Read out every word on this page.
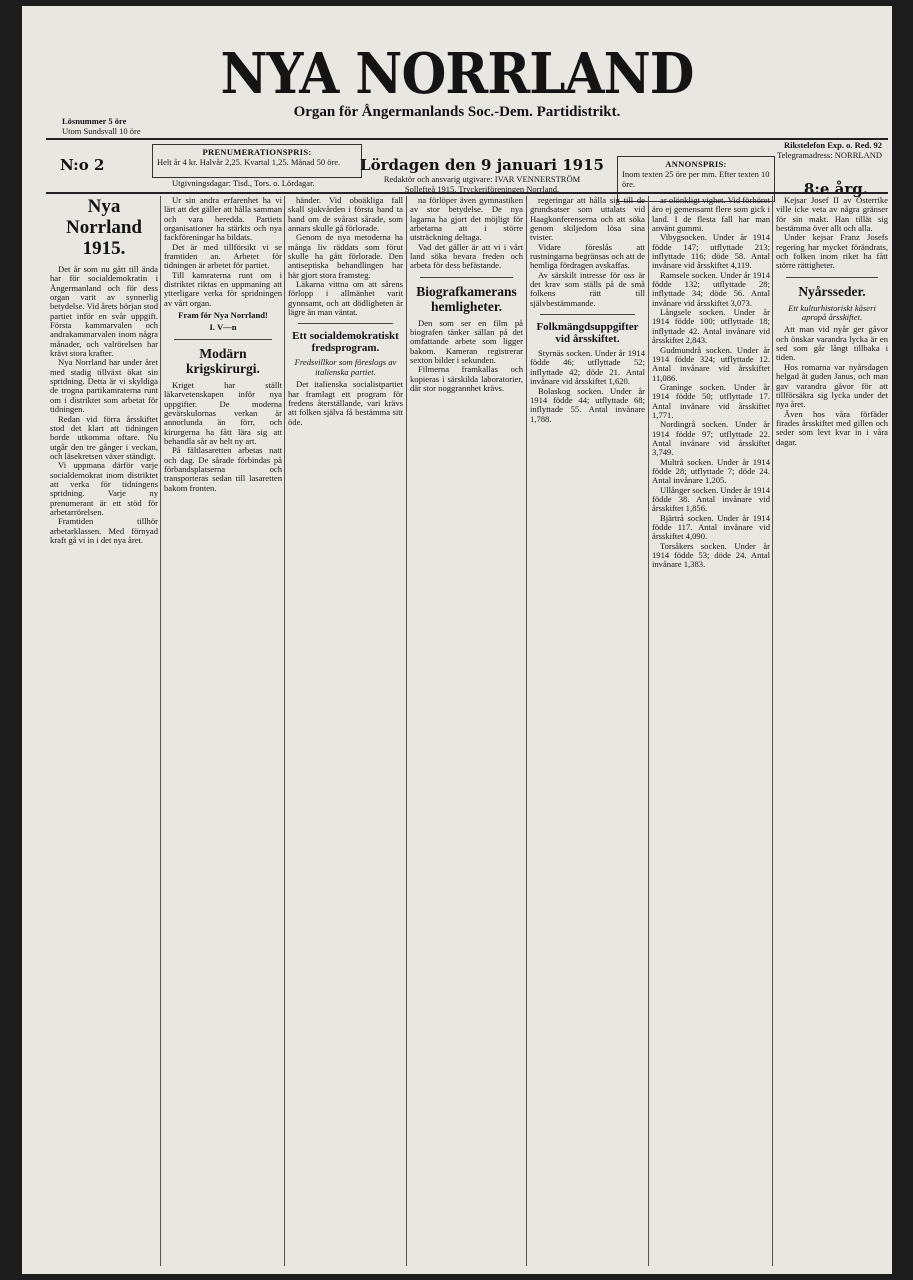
Lösnummer 5 öre
Utom Sundsvall 10 öre
NYA NORRLAND
Organ för Ångermanlands Soc.-Dem. Partidistrikt.
Rikstelefon Exp. o. Red. 92
Telegramadress: NORRLAND
N:o 2
PRENUMERATIONSPRIS:
Helt år 4 kr. Halvår 2,25. Kvartal 1,25. Månad 50 öre.
Utgivningsdagar: Tisd., Tors. o. Lördagar.
Lördagen den 9 januari 1915
Redaktör och ansvarig utgivare: IVAR VENNERSTRÖM
Sollefteå 1915. Tryckeriföreningen Norrland.
ANNONSPRIS:
Inom texten 25 öre per mm. Efter texten 10 öre.	8:e årg.
Nya Norrland 1915.

Det år som nu gått till ända har för socialdemokratin i Ångermanland och för dess organ varit av synnerlig betydelse. Vid årets början stod partiet inför en svår uppgift. Första kammarvalen och andrakammarvalen inom några månader, och valrörelsen har krävt stora krafter.

Nya Norrland har under året med stadig tillväxt ökat sin spridning. Detta är vi skyldiga de trogna partikamraterna runt om i distriktet som arbetat för tidningen.

Redan vid förra årsskiftet stod det klart att tidningen borde utkomma oftare. Nu utgår den tre gånger i veckan, och läsekretsen växer ständigt.

Vi uppmana därför varje socialdemokrat inom distriktet att verka för tidningens spridning. Varje ny prenumerant är ett stöd för arbetarrörelsen.

Framtiden tillhör arbetarklassen. Med förnyad kraft gå vi in i det nya året.

Ur sin andra erfarenhet ha vi lärt att det gäller att hålla samman och vara beredda. Partiets organisationer ha stärkts och nya fackföreningar ha bildats.

Det är med tillförsikt vi se framtiden an. Arbetet för tidningen är arbetet för partiet.

Till kamraterna runt om i distriktet riktas en uppmaning att ytterligare verka för spridningen av vårt organ.

Fram för Nya Norrland!
I. V—n
Modärn krigskirurgi.

Kriget har ställt läkarvetenskapen inför nya uppgifter. De moderna gevärskulornas verkan är annorlunda än förr, och kirurgerna ha fått lära sig att behandla sår av helt ny art.

På fältlasaretten arbetas natt och dag. De sårade förbindas på förbandsplatserna och transporteras sedan till lasaretten bakom fronten.

händer. Vid oboäkliga fall skall sjukvården i första hand ta hand om de svårast sårade, som annars skulle gå förlorade.

Genom de nya metoderna ha många liv räddats som förut skulle ha gått förlorade. Den antiseptiska behandlingen har här gjort stora framsteg.

Läkarna vittna om att sårens förlopp i allmänhet varit gynnsamt, och att dödligheten är lägre än man väntat.

Ett socialdemokratiskt fredsprogram.
Fredsvillkor som föreslogs av italienska partiet.

Det italienska socialistpartiet har framlagt ett program för fredens återställande, vari krävs att folken själva få bestämma sitt öde.

na förlöper även gymnastiken av stor betydelse. De nya lagarna ha gjort det möjligt för arbetarna att i större utsträckning deltaga.

Vad det gäller är att vi i vårt land söka bevara freden och arbeta för dess befästande.

Biografkamerans hemligheter.

Den som ser en film på biografen tänker sällan på det omfattande arbete som ligger bakom. Kameran registrerar sexton bilder i sekunden.

Filmerna framkallas och kopieras i särskilda laboratorier, där stor noggrannhet krävs.

regeringar att hålla sig till de grundsatser som uttalats vid Haagkonferenserna och att söka genom skiljedom lösa sina tvister.

Vidare föreslås att rustningarna begränsas och att de hemliga fördragen avskaffas.

Av särskilt intresse för oss är det krav som ställs på de små folkens rätt till självbestämmande.

Folkmängdsuppgifter vid årsskiftet.

Styrnäs socken. Under år 1914 födde 46; utflyttade 52; inflyttade 42; döde 21. Antal invånare vid årsskiftet 1,620.

Bolaskog socken. Under år 1914 födde 44; utflyttade 68; inflyttade 55. Antal invånare 1,788.

ar olönkligt vighet. Vid förhöret äro ej gemensamt flere som gick i land. I de flesta fall har man använt gummi.

Vibygsocken. Under år 1914 födde 147; utflyttade 213; inflyttade 116; döde 58. Antal invånare vid årsskiftet 4,119.

Ramsele socken. Under år 1914 födde 132; utflyttade 28; inflyttade 34; döde 56. Antal invånare vid årsskiftet 3,073.

Långsele socken. Under år 1914 födde 100; utflyttade 18; inflyttade 42. Antal invånare vid årsskiftet 2,843.

Gudmundrå socken. Under år 1914 födde 324; utflyttade 12. Antal invånare vid årsskiftet 11,086.

Graninge socken. Under år 1914 födde 50; utflyttade 17. Antal invånare vid årsskiftet 1,771.

Nordingrå socken. Under år 1914 födde 97; utflyttade 22. Antal invånare vid årsskiftet 3,749.

Multrå socken. Under år 1914 födde 28; utflyttade 7; döde 24. Antal invånare 1,205.

Ullånger socken. Under år 1914 födde 38. Antal invånare vid årsskiftet 1,856.

Bjärtrå socken. Under år 1914 födde 117. Antal invånare vid årsskiftet 4,090.

Torsåkers socken. Under år 1914 födde 53; döde 24. Antal invånare 1,383.

Kejsar Josef II av Österrike ville icke veta av några gränser för sin makt. Han tillät sig bestämma över allt och alla.

Under kejsar Franz Josefs regering har mycket förändrats, och folken inom riket ha fått större rättigheter.

Nyårsseder.
Ett kulturhistoriskt kåseri apropå årsskiftet.

Att man vid nyår ger gåvor och önskar varandra lycka är en sed som går långt tillbaka i tiden.

Hos romarna var nyårsdagen helgad åt guden Janus, och man gav varandra gåvor för att tillförsäkra sig lycka under det nya året.

Även hos våra förfäder firades årsskiftet med gillen och seder som levt kvar in i våra dagar.
